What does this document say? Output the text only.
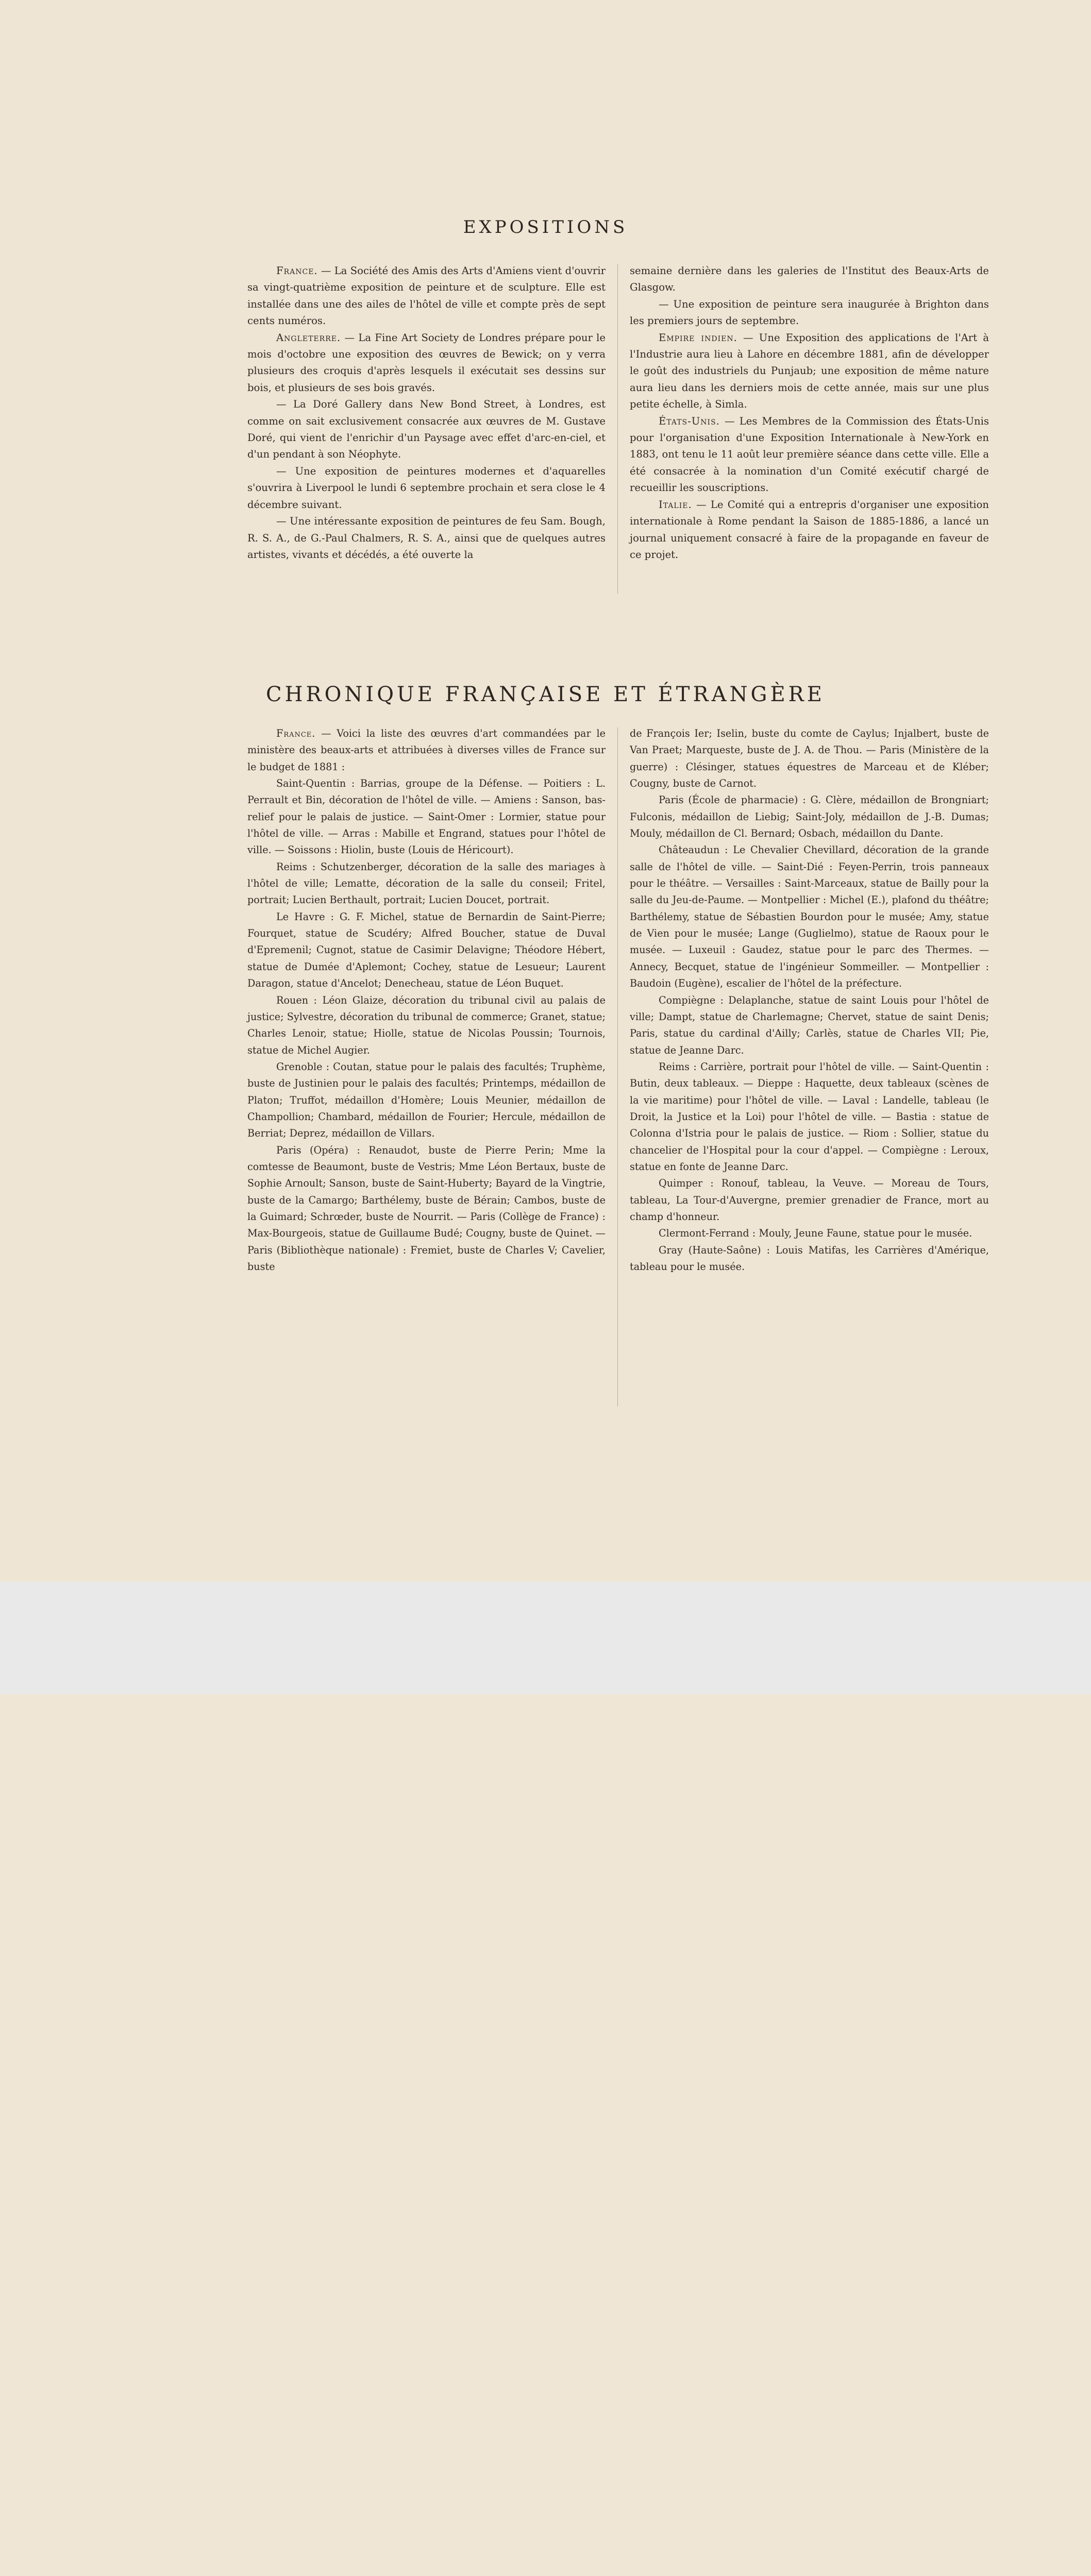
EXPOSITIONS

France. — La Société des Amis des Arts d'Amiens vient d'ouvrir sa vingt-quatrième exposition de peinture et de sculpture. Elle est installée dans une des ailes de l'hôtel de ville et compte près de sept cents numéros.

Angleterre. — La Fine Art Society de Londres prépare pour le mois d'octobre une exposition des œuvres de Bewick; on y verra plusieurs des croquis d'après lesquels il exécutait ses dessins sur bois, et plusieurs de ses bois gravés.

— La Doré Gallery dans New Bond Street, à Londres, est comme on sait exclusivement consacrée aux œuvres de M. Gustave Doré, qui vient de l'enrichir d'un Paysage avec effet d'arc-en-ciel, et d'un pendant à son Néophyte.

— Une exposition de peintures modernes et d'aquarelles s'ouvrira à Liverpool le lundi 6 septembre prochain et sera close le 4 décembre suivant.

— Une intéressante exposition de peintures de feu Sam. Bough, R. S. A., de G.-Paul Chalmers, R. S. A., ainsi que de quelques autres artistes, vivants et décédés, a été ouverte la

semaine dernière dans les galeries de l'Institut des Beaux-Arts de Glasgow.

— Une exposition de peinture sera inaugurée à Brighton dans les premiers jours de septembre.

Empire indien. — Une Exposition des applications de l'Art à l'Industrie aura lieu à Lahore en décembre 1881, afin de développer le goût des industriels du Punjaub; une exposition de même nature aura lieu dans les derniers mois de cette année, mais sur une plus petite échelle, à Simla.

États-Unis. — Les Membres de la Commission des États-Unis pour l'organisation d'une Exposition Internationale à New-York en 1883, ont tenu le 11 août leur première séance dans cette ville. Elle a été consacrée à la nomination d'un Comité exécutif chargé de recueillir les souscriptions.

Italie. — Le Comité qui a entrepris d'organiser une exposition internationale à Rome pendant la Saison de 1885-1886, a lancé un journal uniquement consacré à faire de la propagande en faveur de ce projet.

CHRONIQUE FRANÇAISE ET ÉTRANGÈRE

France. — Voici la liste des œuvres d'art commandées par le ministère des beaux-arts et attribuées à diverses villes de France sur le budget de 1881 :

Saint-Quentin : Barrias, groupe de la Défense. — Poitiers : L. Perrault et Bin, décoration de l'hôtel de ville. — Amiens : Sanson, bas-relief pour le palais de justice. — Saint-Omer : Lormier, statue pour l'hôtel de ville. — Arras : Mabille et Engrand, statues pour l'hôtel de ville. — Soissons : Hiolin, buste (Louis de Héricourt).

Reims : Schutzenberger, décoration de la salle des mariages à l'hôtel de ville; Lematte, décoration de la salle du conseil; Fritel, portrait; Lucien Berthault, portrait; Lucien Doucet, portrait.

Le Havre : G. F. Michel, statue de Bernardin de Saint-Pierre; Fourquet, statue de Scudéry; Alfred Boucher, statue de Duval d'Epremenil; Cugnot, statue de Casimir Delavigne; Théodore Hébert, statue de Dumée d'Aplemont; Cochey, statue de Lesueur; Laurent Daragon, statue d'Ancelot; Denecheau, statue de Léon Buquet.

Rouen : Léon Glaize, décoration du tribunal civil au palais de justice; Sylvestre, décoration du tribunal de commerce; Granet, statue; Charles Lenoir, statue; Hiolle, statue de Nicolas Poussin; Tournois, statue de Michel Augier.

Grenoble : Coutan, statue pour le palais des facultés; Truphème, buste de Justinien pour le palais des facultés; Printemps, médaillon de Platon; Truffot, médaillon d'Homère; Louis Meunier, médaillon de Champollion; Chambard, médaillon de Fourier; Hercule, médaillon de Berriat; Deprez, médaillon de Villars.

Paris (Opéra) : Renaudot, buste de Pierre Perin; Mme la comtesse de Beaumont, buste de Vestris; Mme Léon Bertaux, buste de Sophie Arnoult; Sanson, buste de Saint-Huberty; Bayard de la Vingtrie, buste de la Camargo; Barthélemy, buste de Bérain; Cambos, buste de la Guimard; Schrœder, buste de Nourrit. — Paris (Collège de France) : Max-Bourgeois, statue de Guillaume Budé; Cougny, buste de Quinet. — Paris (Bibliothèque nationale) : Fremiet, buste de Charles V; Cavelier, buste

de François Ier; Iselin, buste du comte de Caylus; Injalbert, buste de Van Praet; Marqueste, buste de J. A. de Thou. — Paris (Ministère de la guerre) : Clésinger, statues équestres de Marceau et de Kléber; Cougny, buste de Carnot.

Paris (École de pharmacie) : G. Clère, médaillon de Brongniart; Fulconis, médaillon de Liebig; Saint-Joly, médaillon de J.-B. Dumas; Mouly, médaillon de Cl. Bernard; Osbach, médaillon du Dante.

Châteaudun : Le Chevalier Chevillard, décoration de la grande salle de l'hôtel de ville. — Saint-Dié : Feyen-Perrin, trois panneaux pour le théâtre. — Versailles : Saint-Marceaux, statue de Bailly pour la salle du Jeu-de-Paume. — Montpellier : Michel (E.), plafond du théâtre; Barthélemy, statue de Sébastien Bourdon pour le musée; Amy, statue de Vien pour le musée; Lange (Guglielmo), statue de Raoux pour le musée. — Luxeuil : Gaudez, statue pour le parc des Thermes. — Annecy, Becquet, statue de l'ingénieur Sommeiller. — Montpellier : Baudoin (Eugène), escalier de l'hôtel de la préfecture.

Compiègne : Delaplanche, statue de saint Louis pour l'hôtel de ville; Dampt, statue de Charlemagne; Chervet, statue de saint Denis; Paris, statue du cardinal d'Ailly; Carlès, statue de Charles VII; Pie, statue de Jeanne Darc.

Reims : Carrière, portrait pour l'hôtel de ville. — Saint-Quentin : Butin, deux tableaux. — Dieppe : Haquette, deux tableaux (scènes de la vie maritime) pour l'hôtel de ville. — Laval : Landelle, tableau (le Droit, la Justice et la Loi) pour l'hôtel de ville. — Bastia : statue de Colonna d'Istria pour le palais de justice. — Riom : Sollier, statue du chancelier de l'Hospital pour la cour d'appel. — Compiègne : Leroux, statue en fonte de Jeanne Darc.

Quimper : Ronouf, tableau, la Veuve. — Moreau de Tours, tableau, La Tour-d'Auvergne, premier grenadier de France, mort au champ d'honneur.

Clermont-Ferrand : Mouly, Jeune Faune, statue pour le musée.

Gray (Haute-Saône) : Louis Matifas, les Carrières d'Amérique, tableau pour le musée.
